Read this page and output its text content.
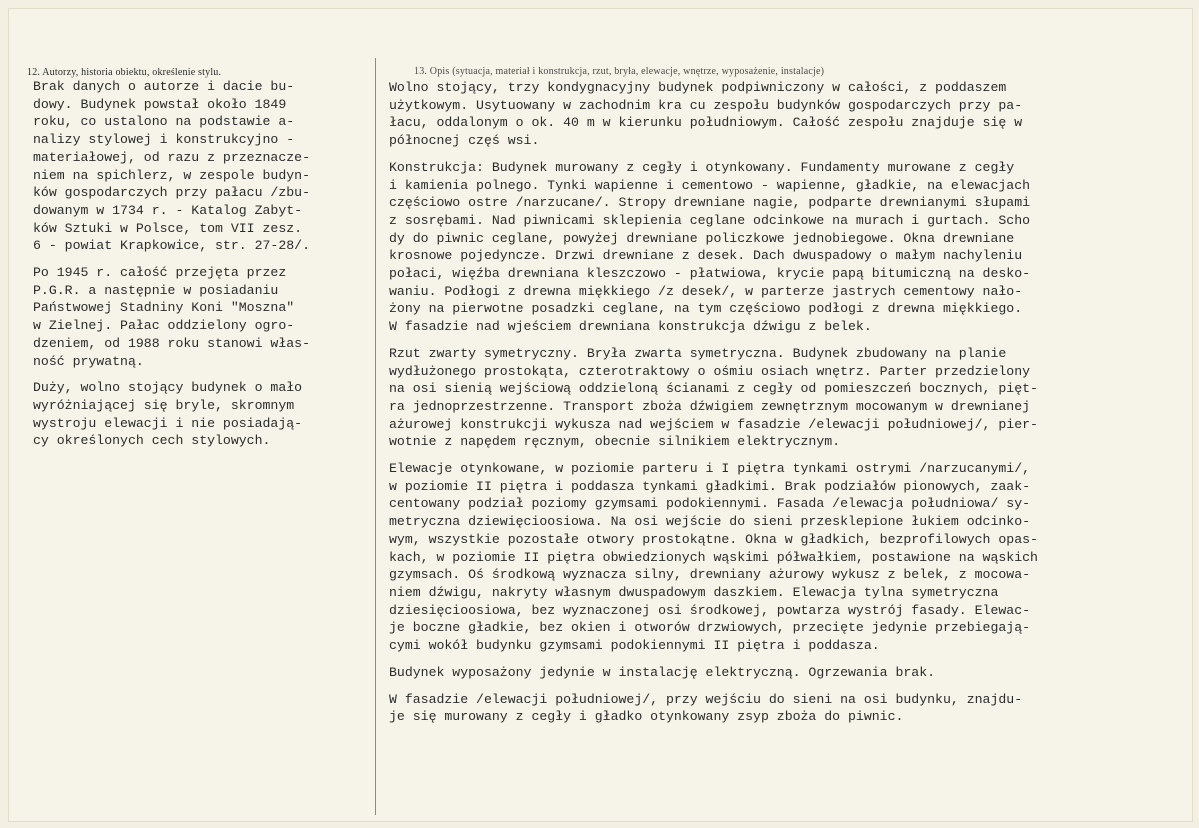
12. Autorzy, historia obiektu, określenie stylu.	13. Opis (sytuacja, materiał i konstrukcja, rzut, bryła, elewacje, wnętrze, wyposażenie, instalacje)
Brak danych o autorze i dacie bu-
dowy. Budynek powstał około 1849
roku, co ustalono na podstawie a-
nalizy stylowej i konstrukcyjno -
materiałowej, od razu z przeznacze-
niem na spichlerz, w zespole budyn-
ków gospodarczych przy pałacu /zbu-
dowanym w 1734 r. - Katalog Zabyt-
ków Sztuki w Polsce, tom VII zesz.
6 - powiat Krapkowice, str. 27-28/.
Po 1945 r. całość przejęta przez
P.G.R. a następnie w posiadaniu
Państwowej Stadniny Koni "Moszna"
w Zielnej. Pałac oddzielony ogro-
dzeniem, od 1988 roku stanowi włas-
ność prywatną.
Duży, wolno stojący budynek o mało
wyróżniającej się bryle, skromnym
wystroju elewacji i nie posiadają-
cy określonych cech stylowych.
Wolno stojący, trzy kondygnacyjny budynek podpiwniczony w całości, z poddaszem
użytkowym. Usytuowany w zachodnim kra cu zespołu budynków gospodarczych przy pa-
łacu, oddalonym o ok. 40 m w kierunku południowym. Całość zespołu znajduje się w
północnej częś wsi.
Konstrukcja: Budynek murowany z cegły i otynkowany. Fundamenty murowane z cegły
i kamienia polnego. Tynki wapienne i cementowo - wapienne, gładkie, na elewacjach
częściowo ostre /narzucane/. Stropy drewniane nagie, podparte drewnianymi słupami
z sosrębami. Nad piwnicami sklepienia ceglane odcinkowe na murach i gurtach. Scho
dy do piwnic ceglane, powyżej drewniane policzkowe jednobiegowe. Okna drewniane
krosnowe pojedyncze. Drzwi drewniane z desek. Dach dwuspadowy o małym nachyleniu
połaci, więźba drewniana kleszczowo - płatwiowa, krycie papą bitumiczną na desko-
waniu. Podłogi z drewna miękkiego /z desek/, w parterze jastrych cementowy nało-
żony na pierwotne posadzki ceglane, na tym częściowo podłogi z drewna miękkiego.
W fasadzie nad wjeściem drewniana konstrukcja dźwigu z belek.
Rzut zwarty symetryczny. Bryła zwarta symetryczna. Budynek zbudowany na planie
wydłużonego prostokąta, czterotraktowy o ośmiu osiach wnętrz. Parter przedzielony
na osi sienią wejściową oddzieloną ścianami z cegły od pomieszczeń bocznych, pięt-
ra jednoprzestrzenne. Transport zboża dźwigiem zewnętrznym mocowanym w drewnianej
ażurowej konstrukcji wykusza nad wejściem w fasadzie /elewacji południowej/, pier-
wotnie z napędem ręcznym, obecnie silnikiem elektrycznym.
Elewacje otynkowane, w poziomie parteru i I piętra tynkami ostrymi /narzucanymi/,
w poziomie II piętra i poddasza tynkami gładkimi. Brak podziałów pionowych, zaak-
centowany podział poziomy gzymsami podokiennymi. Fasada /elewacja południowa/ sy-
metryczna dziewięcioosiowa. Na osi wejście do sieni przesklepione łukiem odcinko-
wym, wszystkie pozostałe otwory prostokątne. Okna w gładkich, bezprofilowych opas-
kach, w poziomie II piętra obwiedzionych wąskimi półwałkiem, postawione na wąskich
gzymsach. Oś środkową wyznacza silny, drewniany ażurowy wykusz z belek, z mocowa-
niem dźwigu, nakryty własnym dwuspadowym daszkiem. Elewacja tylna symetryczna
dziesięcioosiowa, bez wyznaczonej osi środkowej, powtarza wystrój fasady. Elewac-
je boczne gładkie, bez okien i otworów drzwiowych, przecięte jedynie przebiegają-
cymi wokół budynku gzymsami podokiennymi II piętra i poddasza.
Budynek wyposażony jedynie w instalację elektryczną. Ogrzewania brak.
W fasadzie /elewacji południowej/, przy wejściu do sieni na osi budynku, znajdu-
je się murowany z cegły i gładko otynkowany zsyp zboża do piwnic.
